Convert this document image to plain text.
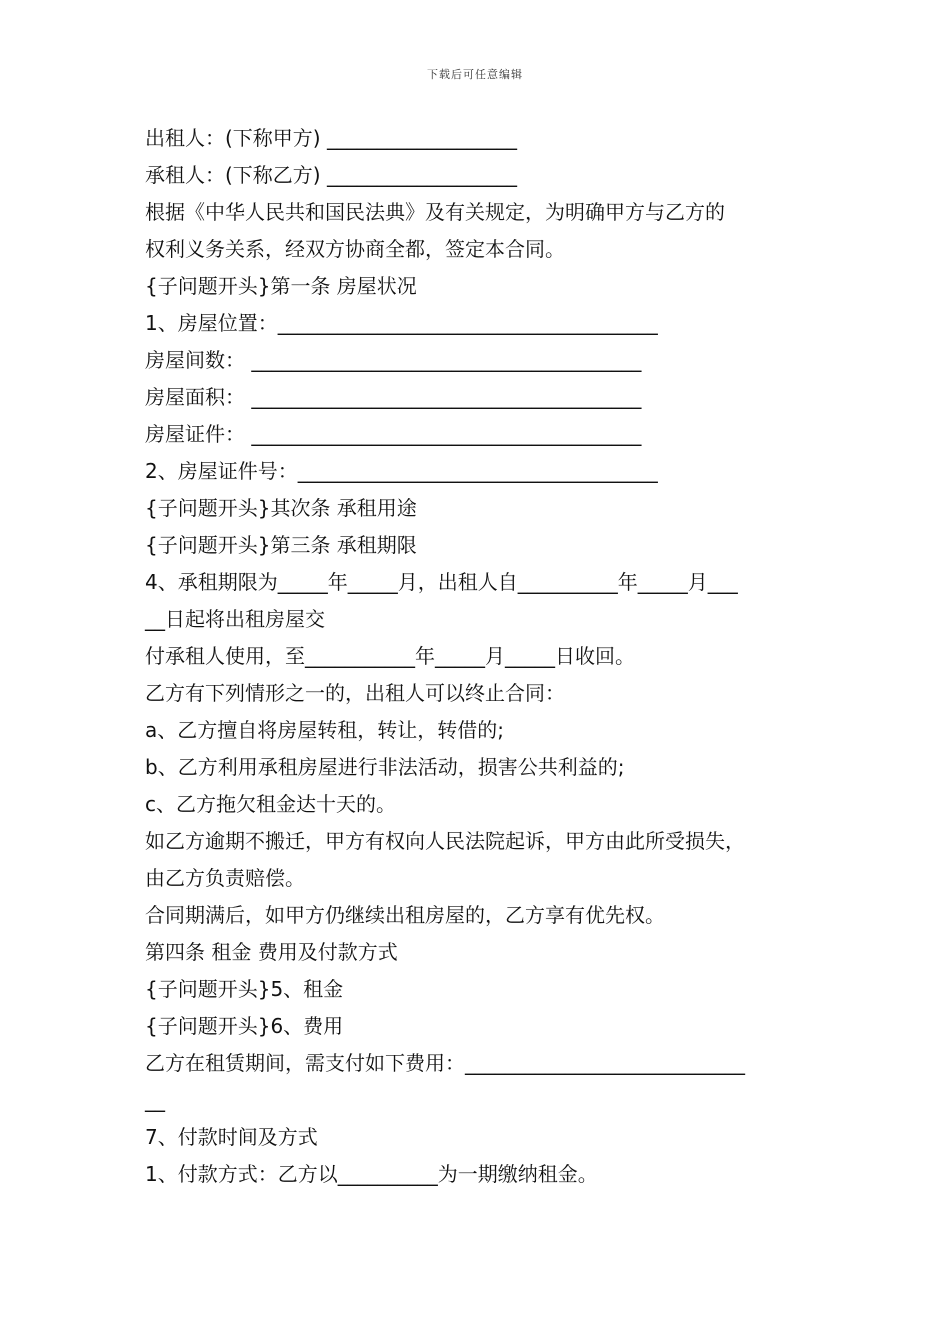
下载后可任意编辑
出租人：(下称甲方) ___________________
承租人：(下称乙方) ___________________
根据《中华人民共和国民法典》及有关规定，为明确甲方与乙方的
权利义务关系，经双方协商全都，签定本合同。
{子问题开头}第一条 房屋状况
1、房屋位置：______________________________________
房屋间数： _______________________________________
房屋面积： _______________________________________
房屋证件： _______________________________________
2、房屋证件号：____________________________________
{子问题开头}其次条 承租用途
{子问题开头}第三条 承租期限
4、承租期限为_____年_____月，出租人自__________年_____月___
__日起将出租房屋交
付承租人使用，至___________年_____月_____日收回。
乙方有下列情形之一的，出租人可以终止合同：
a、乙方擅自将房屋转租，转让，转借的;
b、乙方利用承租房屋进行非法活动，损害公共利益的;
c、乙方拖欠租金达十天的。
如乙方逾期不搬迁，甲方有权向人民法院起诉，甲方由此所受损失，
由乙方负责赔偿。
合同期满后，如甲方仍继续出租房屋的，乙方享有优先权。
第四条 租金 费用及付款方式
{子问题开头}5、租金
{子问题开头}6、费用
乙方在租赁期间，需支付如下费用：____________________________
__
7、付款时间及方式
1、付款方式：乙方以__________为一期缴纳租金。
